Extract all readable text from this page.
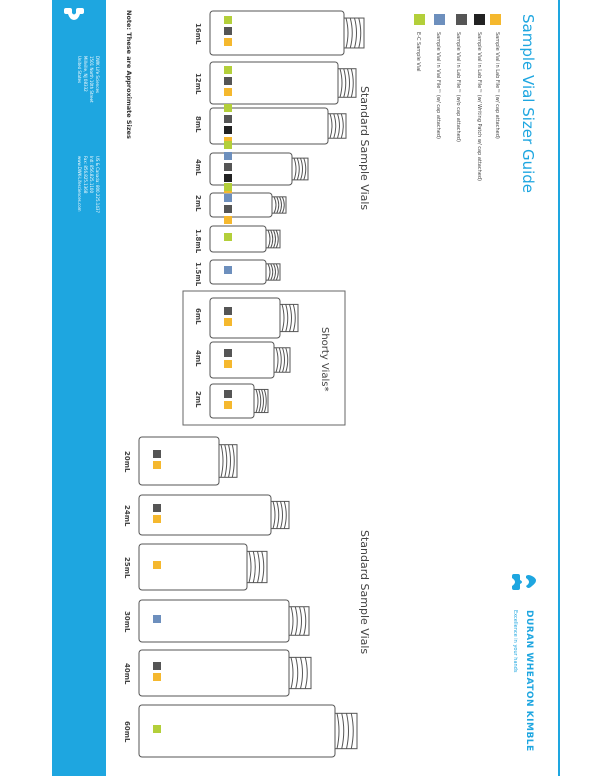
DWK Life Sciences
1501 North 10th Street
Millville, NJ 08332
United States
US & Canada: 800.225.1437
Intl: 856.825.1100
Fax: 856.825.1368
www.DWK-Lifesciences.com
Note: These are Approximate Sizes	Sample Vial Sizer Guide
Sample Vial in Lab File™ (w/ cap attached)
Sample Vial in Lab File™ (w/ Writing Patch w/ cap attached)
Sample Vial in Lab File™ (w/o cap attached)
Sample Vial in Vial File™ (w/ cap attached)
E-C Sample Vial
Standard Sample Vials
Shorty Vials*
Standard Sample Vials
DURAN WHEATON KIMBLE
Excellence in your hands
16mL
12mL
8mL
4mL
2mL
1.8mL
1.5mL
6mL
4mL
2mL
20mL
24mL
25mL
30mL
40mL
60mL
